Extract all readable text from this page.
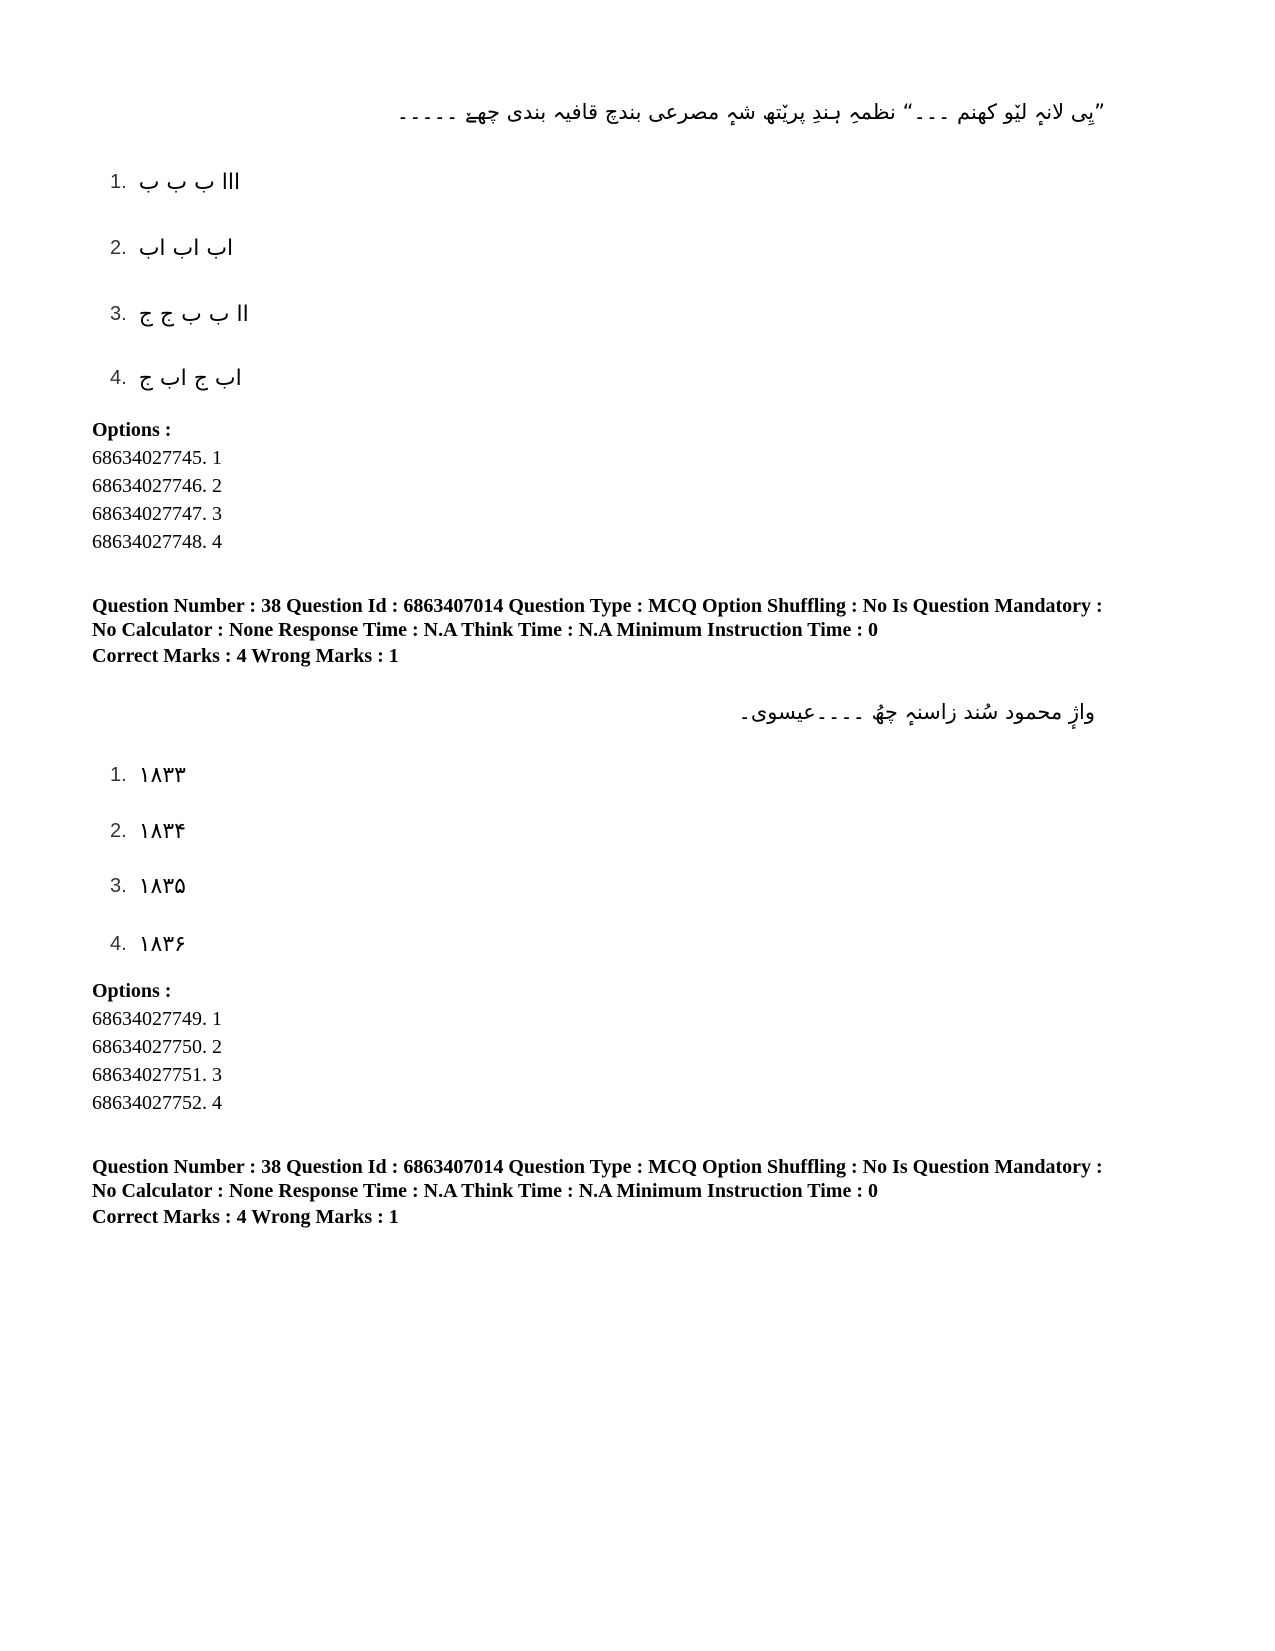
”یِی لانہٕ لیٚو کھنم ۔۔۔“ نظمہِ ہندِ پریٚتھ شہٕ مصرعی بندچ قافیہ بندی چھےٚ ۔۔۔۔۔
1. ااا ب ب ب
2. اب اب اب
3. اا ب ب ج ج
4. اب ج اب ج
Options :
68634027745. 1
68634027746. 2
68634027747. 3
68634027748. 4
Question Number : 38 Question Id : 6863407014 Question Type : MCQ Option Shuffling : No Is Question Mandatory :
No Calculator : None Response Time : N.A Think Time : N.A Minimum Instruction Time : 0
Correct Marks : 4 Wrong Marks : 1
واژٕ محمود سُند زاسنہٕ چھُ ۔۔۔۔عیسوی۔
1. ۱۸۳۳
2. ۱۸۳۴
3. ۱۸۳۵
4. ۱۸۳۶
Options :
68634027749. 1
68634027750. 2
68634027751. 3
68634027752. 4
Question Number : 38 Question Id : 6863407014 Question Type : MCQ Option Shuffling : No Is Question Mandatory :
No Calculator : None Response Time : N.A Think Time : N.A Minimum Instruction Time : 0
Correct Marks : 4 Wrong Marks : 1
